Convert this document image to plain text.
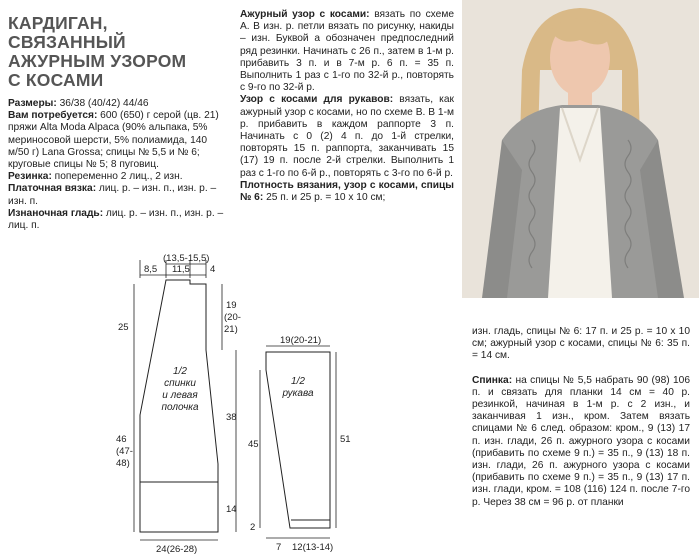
КАРДИГАН, СВЯЗАННЫЙ
АЖУРНЫМ УЗОРОМ
С КОСАМИ

Размеры: 36/38 (40/42) 44/46

Вам потребуется: 600 (650) г серой (цв. 21) пряжи Alta Moda Alpaca (90% альпака, 5% мериносовой шерсти, 5% полиамида, 140 м/50 г) Lana Grossa; спицы № 5,5 и № 6; круговые спицы № 5; 8 пуговиц.

Резинка: попеременно 2 лиц., 2 изн.

Платочная вязка: лиц. р. – изн. п., изн. р. – изн. п.

Изнаночная гладь: лиц. р. – изн. п., изн. р. – лиц. п.

Ажурный узор с косами: вязать по схеме А. В изн. р. петли вязать по рисунку, накиды – изн. Буквой а обозначен предпоследний ряд резинки. Начинать с 26 п., затем в 1-м р. прибавить 3 п. и в 7-м р. 6 п. = 35 п. Выполнить 1 раз с 1-го по 32-й р., повторять с 9-го по 32-й р.

Узор с косами для рукавов: вязать, как ажурный узор с косами, но по схеме В. В 1-м р. прибавить в каждом раппорте 3 п. Начинать с 0 (2) 4 п. до 1-й стрелки, повторять 15 п. раппорта, заканчивать 15 (17) 19 п. после 2-й стрелки. Выполнить 1 раз с 1-го по 6-й р., повторять с 3-го по 6-й р.

Плотность вязания, узор с косами, спицы № 6: 25 п. и 25 р. = 10 х 10 см;

изн. гладь, спицы № 6: 17 п. и 25 р. = 10 х 10 см; ажурный узор с косами, спицы № 6: 35 п. = 14 см.

Спинка: на спицы № 5,5 набрать 90 (98) 106 п. и связать для планки 14 см = 40 р. резинкой, начиная в 1-м р. с 2 изн., и заканчивая 1 изн., кром. Затем вязать спицами № 6 след. образом: кром., 9 (13) 17 п. изн. глади, 26 п. ажурного узора с косами (прибавить по схеме 9 п.) = 35 п., 9 (13) 18 п. изн. глади, 26 п. ажурного узора с косами (прибавить по схеме 9 п.) = 35 п., 9 (13) 17 п. изн. глади, кром. = 108 (116) 124 п. после 7-го р. Через 38 см = 96 р. от планки

8,5 11,5 4
(13,5-15,5)
25
19
(20-
21)
38
46
(47-
48)
14
24(26-28)
1/2
спинки
и левая
полочка
19(20-21)
1/2
рукава
45	51
2
7 12(13-14)
